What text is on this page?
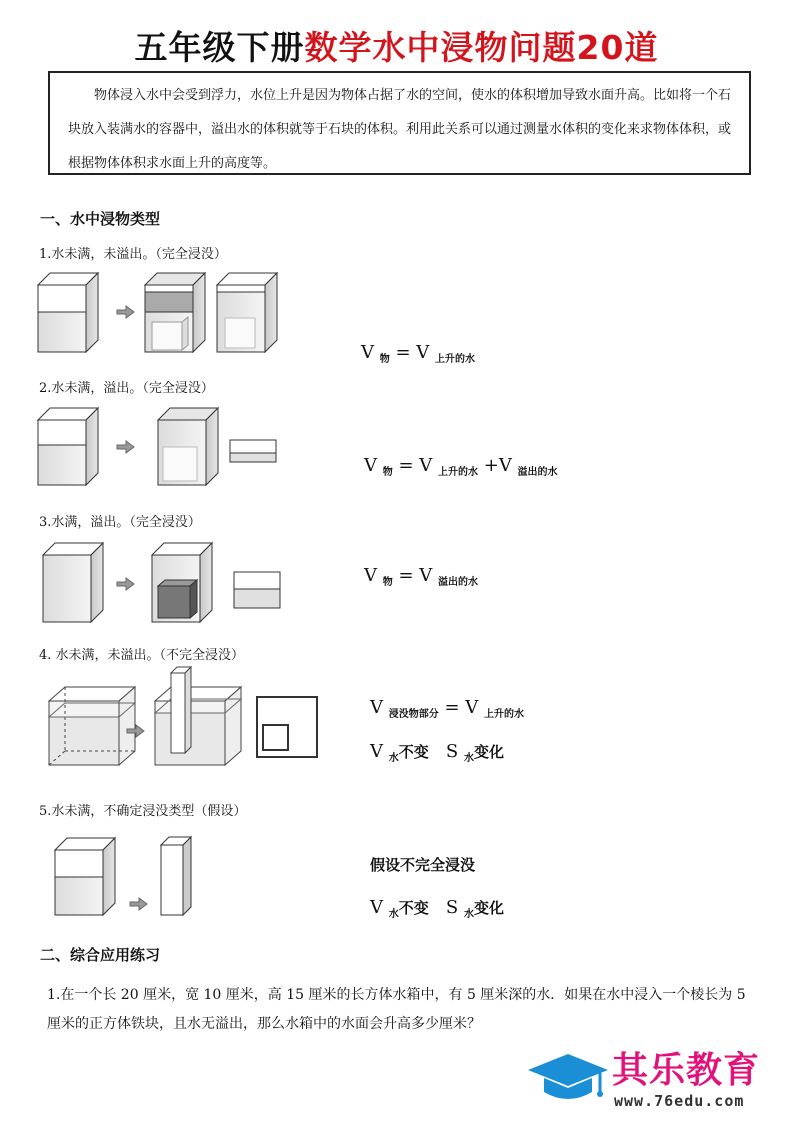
五年级下册数学水中浸物问题20道

物体浸入水中会受到浮力，水位上升是因为物体占据了水的空间，使水的体积增加导致水面升高。比如将一个石块放入装满水的容器中，溢出水的体积就等于石块的体积。利用此关系可以通过测量水体积的变化来求物体体积，或根据物体体积求水面上升的高度等。

一、水中浸物类型
1.水未满，未溢出。（完全浸没）
V $_物$ = V $_{上升的水}$
2.水未满，溢出。（完全浸没）
V $_物$ = V $_{上升的水}$ +V $_{溢出的水}$
3.水满，溢出。（完全浸没）
V $_物$ = V $_{溢出的水}$
4. 水未满，未溢出。（不完全浸没）
V $_{浸没物部分}$ = V $_{上升的水}$
V $_水$不变 S $_水$变化
5.水未满，不确定浸没类型（假设）
假设不完全浸没
V $_水$不变 S $_水$变化
二、综合应用练习
1.在一个长 20 厘米，宽 10 厘米，高 15 厘米的长方体水箱中，有 5 厘米深的水．如果在水中浸入一个棱长为 5 厘米的正方体铁块，且水无溢出，那么水箱中的水面会升高多少厘米？
其乐教育
www.76edu.com
